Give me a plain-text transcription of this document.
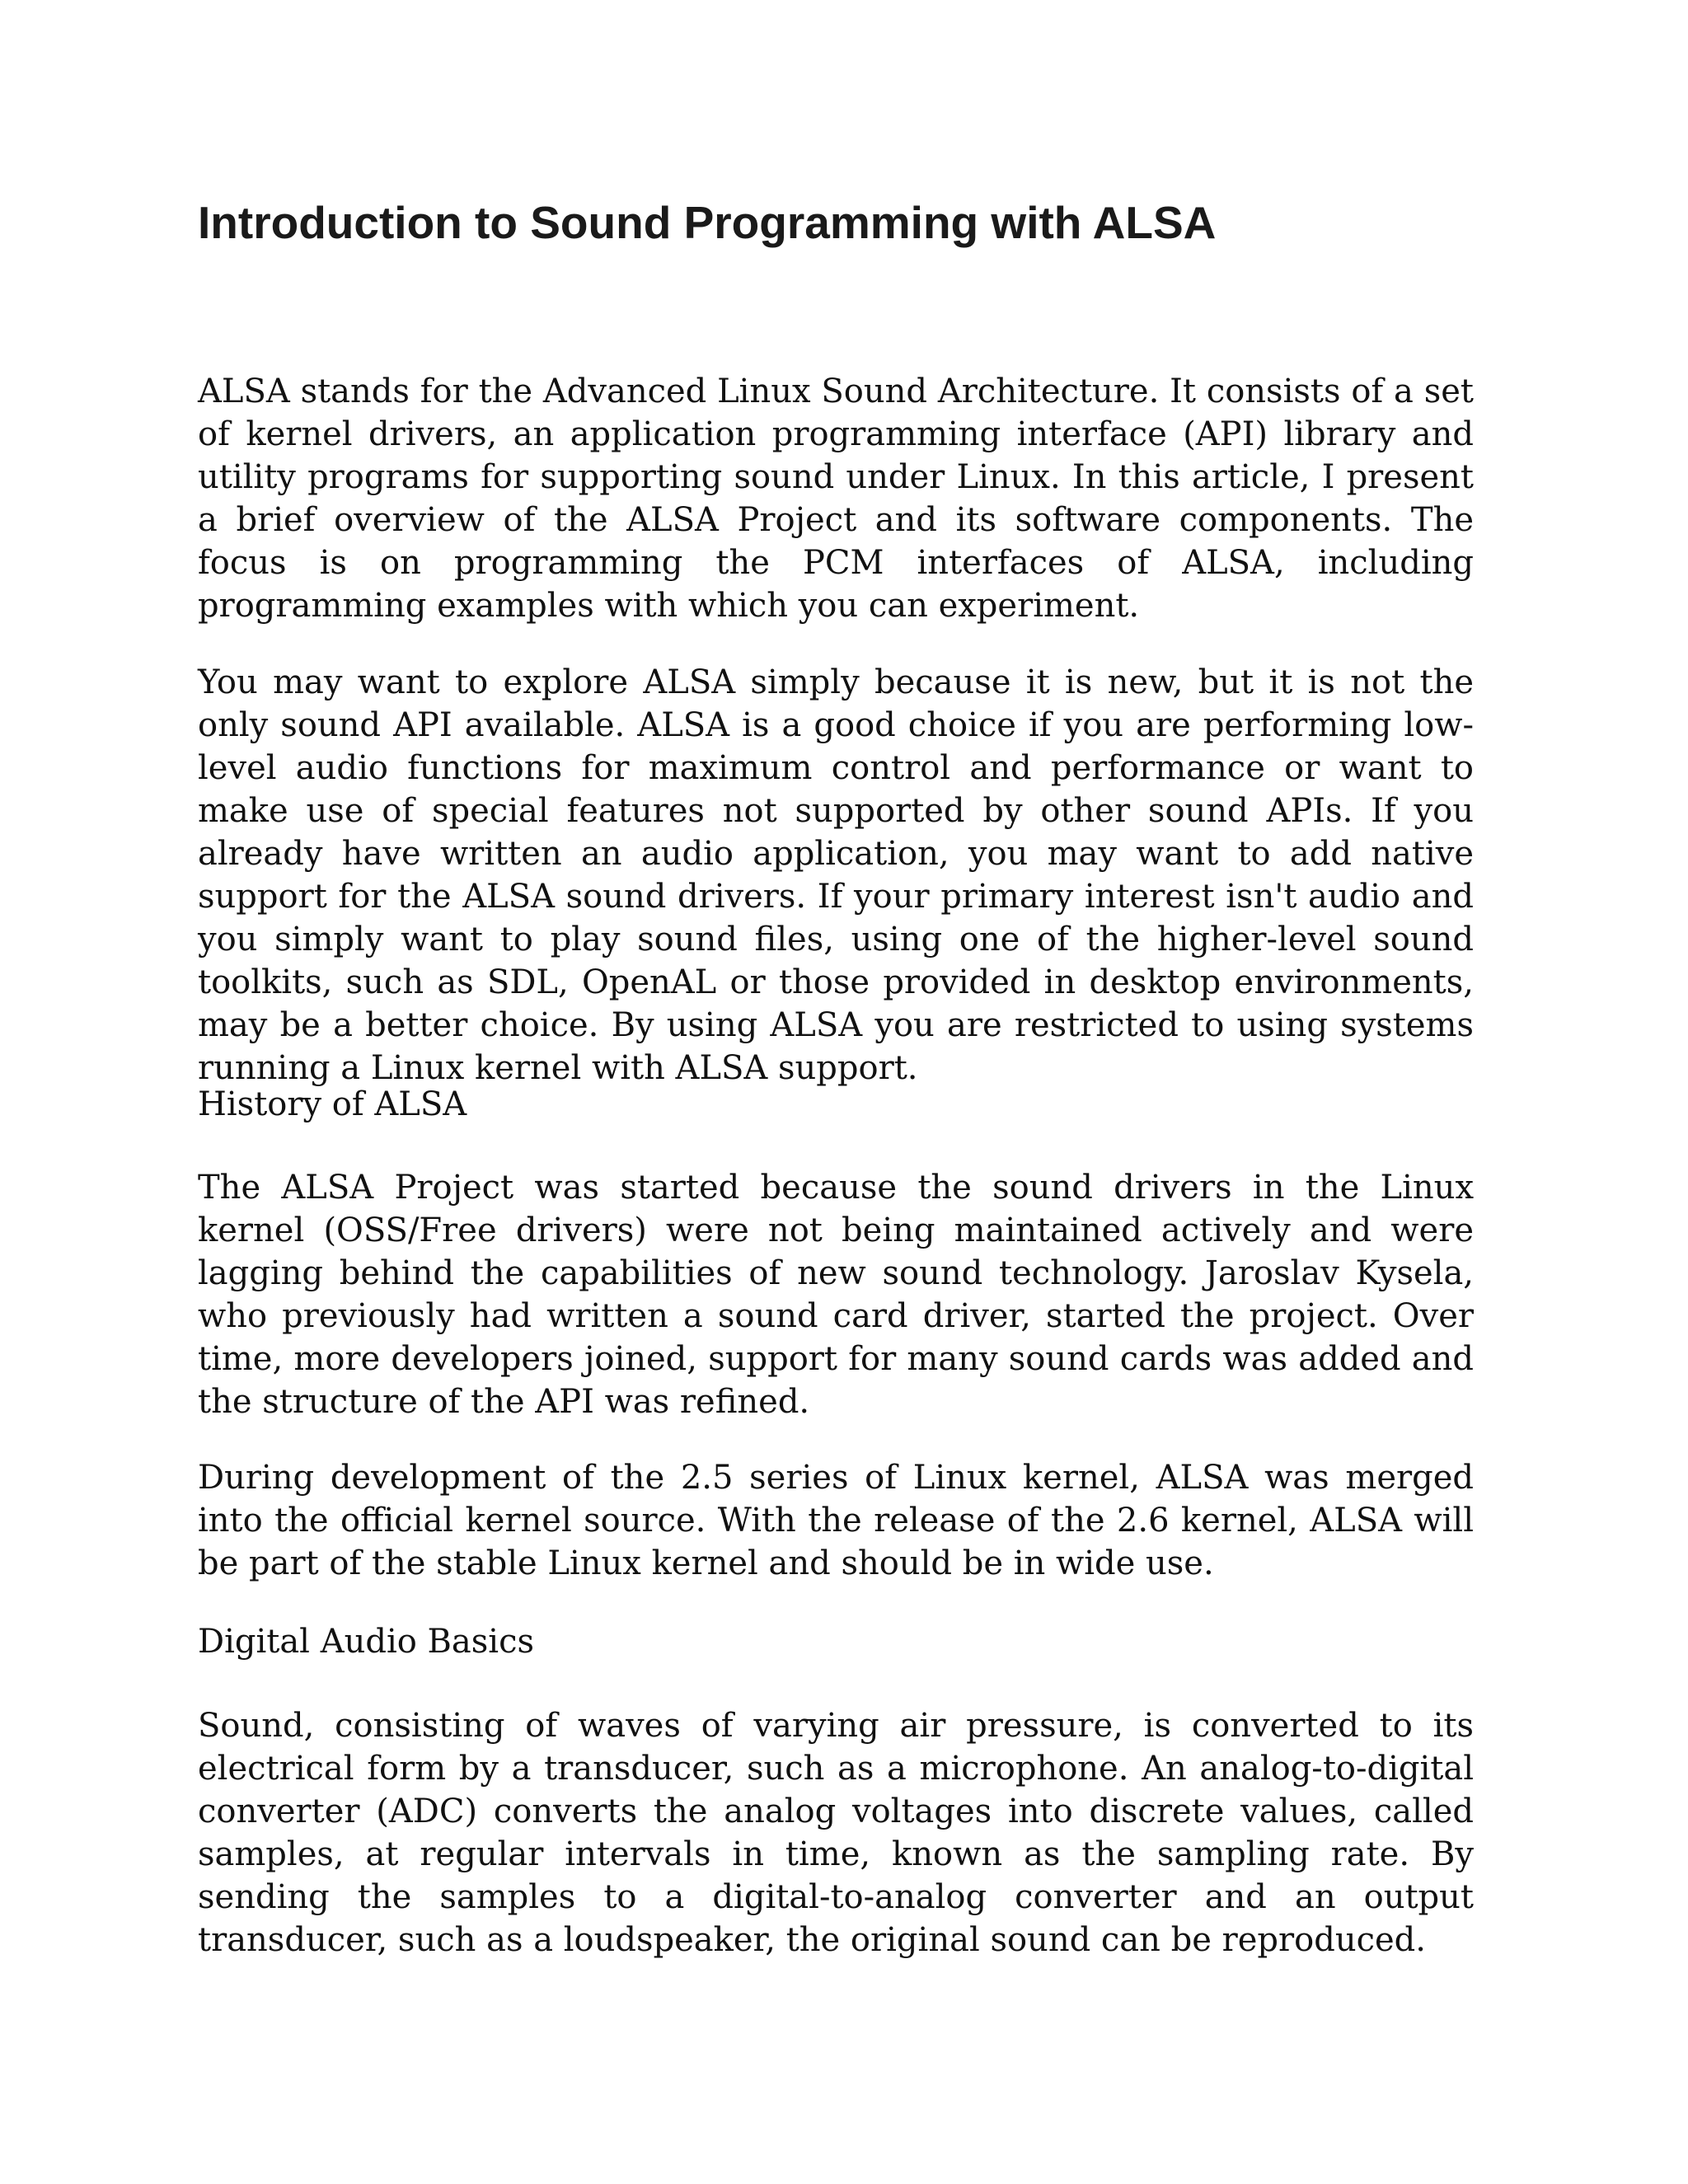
Introduction to Sound Programming with ALSA

ALSA stands for the Advanced Linux Sound Architecture. It consists of a set of kernel drivers, an application programming interface (API) library and utility programs for supporting sound under Linux. In this article, I present a brief overview of the ALSA Project and its software components. The focus is on programming the PCM interfaces of ALSA, including programming examples with which you can experiment.

You may want to explore ALSA simply because it is new, but it is not the only sound API available. ALSA is a good choice if you are performing low-level audio functions for maximum control and performance or want to make use of special features not supported by other sound APIs. If you already have written an audio application, you may want to add native support for the ALSA sound drivers. If your primary interest isn't audio and you simply want to play sound files, using one of the higher-level sound toolkits, such as SDL, OpenAL or those provided in desktop environments, may be a better choice. By using ALSA you are restricted to using systems running a Linux kernel with ALSA support.

History of ALSA

The ALSA Project was started because the sound drivers in the Linux kernel (OSS/Free drivers) were not being maintained actively and were lagging behind the capabilities of new sound technology. Jaroslav Kysela, who previously had written a sound card driver, started the project. Over time, more developers joined, support for many sound cards was added and the structure of the API was refined.

During development of the 2.5 series of Linux kernel, ALSA was merged into the official kernel source. With the release of the 2.6 kernel, ALSA will be part of the stable Linux kernel and should be in wide use.

Digital Audio Basics

Sound, consisting of waves of varying air pressure, is converted to its electrical form by a transducer, such as a microphone. An analog-to-digital converter (ADC) converts the analog voltages into discrete values, called samples, at regular intervals in time, known as the sampling rate. By sending the samples to a digital-to-analog converter and an output transducer, such as a loudspeaker, the original sound can be reproduced.
